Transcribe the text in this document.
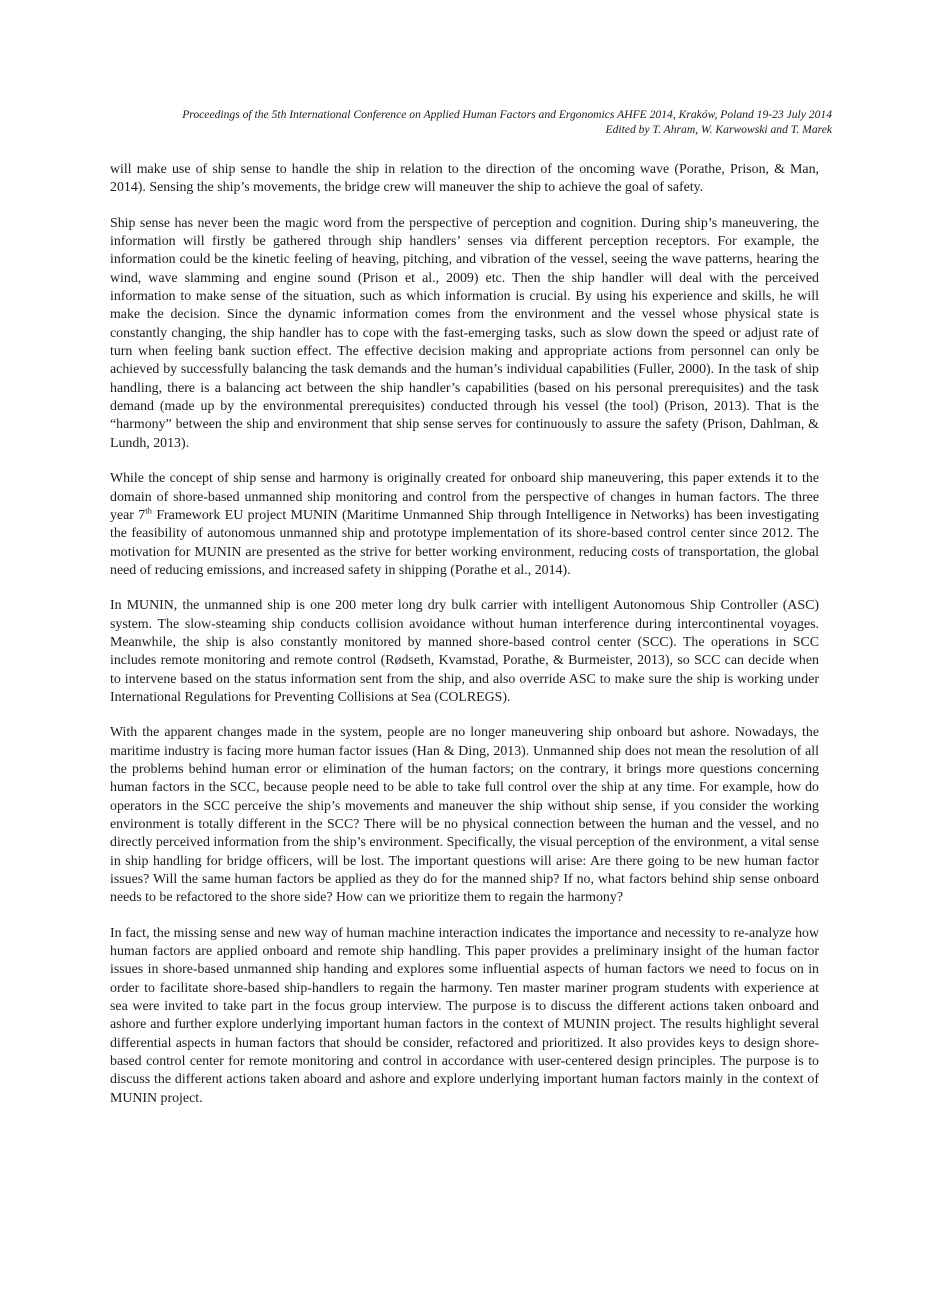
Proceedings of the 5th International Conference on Applied Human Factors and Ergonomics AHFE 2014, Kraków, Poland 19-23 July 2014
Edited by T. Ahram, W. Karwowski and T. Marek

will make use of ship sense to handle the ship in relation to the direction of the oncoming wave (Porathe, Prison, & Man, 2014). Sensing the ship’s movements, the bridge crew will maneuver the ship to achieve the goal of safety.

Ship sense has never been the magic word from the perspective of perception and cognition. During ship’s maneuvering, the information will firstly be gathered through ship handlers’ senses via different perception receptors. For example, the information could be the kinetic feeling of heaving, pitching, and vibration of the vessel, seeing the wave patterns, hearing the wind, wave slamming and engine sound (Prison et al., 2009) etc. Then the ship handler will deal with the perceived information to make sense of the situation, such as which information is crucial. By using his experience and skills, he will make the decision. Since the dynamic information comes from the environment and the vessel whose physical state is constantly changing, the ship handler has to cope with the fast-emerging tasks, such as slow down the speed or adjust rate of turn when feeling bank suction effect. The effective decision making and appropriate actions from personnel can only be achieved by successfully balancing the task demands and the human’s individual capabilities (Fuller, 2000). In the task of ship handling, there is a balancing act between the ship handler’s capabilities (based on his personal prerequisites) and the task demand (made up by the environmental prerequisites) conducted through his vessel (the tool) (Prison, 2013). That is the “harmony” between the ship and environment that ship sense serves for continuously to assure the safety (Prison, Dahlman, & Lundh, 2013).

While the concept of ship sense and harmony is originally created for onboard ship maneuvering, this paper extends it to the domain of shore-based unmanned ship monitoring and control from the perspective of changes in human factors. The three year 7th Framework EU project MUNIN (Maritime Unmanned Ship through Intelligence in Networks) has been investigating the feasibility of autonomous unmanned ship and prototype implementation of its shore-based control center since 2012. The motivation for MUNIN are presented as the strive for better working environment, reducing costs of transportation, the global need of reducing emissions, and increased safety in shipping (Porathe et al., 2014).

In MUNIN, the unmanned ship is one 200 meter long dry bulk carrier with intelligent Autonomous Ship Controller (ASC) system. The slow-steaming ship conducts collision avoidance without human interference during intercontinental voyages. Meanwhile, the ship is also constantly monitored by manned shore-based control center (SCC). The operations in SCC includes remote monitoring and remote control (Rødseth, Kvamstad, Porathe, & Burmeister, 2013), so SCC can decide when to intervene based on the status information sent from the ship, and also override ASC to make sure the ship is working under International Regulations for Preventing Collisions at Sea (COLREGS).

With the apparent changes made in the system, people are no longer maneuvering ship onboard but ashore. Nowadays, the maritime industry is facing more human factor issues (Han & Ding, 2013). Unmanned ship does not mean the resolution of all the problems behind human error or elimination of the human factors; on the contrary, it brings more questions concerning human factors in the SCC, because people need to be able to take full control over the ship at any time. For example, how do operators in the SCC perceive the ship’s movements and maneuver the ship without ship sense, if you consider the working environment is totally different in the SCC? There will be no physical connection between the human and the vessel, and no directly perceived information from the ship’s environment. Specifically, the visual perception of the environment, a vital sense in ship handling for bridge officers, will be lost. The important questions will arise: Are there going to be new human factor issues? Will the same human factors be applied as they do for the manned ship? If no, what factors behind ship sense onboard needs to be refactored to the shore side? How can we prioritize them to regain the harmony?

In fact, the missing sense and new way of human machine interaction indicates the importance and necessity to re-analyze how human factors are applied onboard and remote ship handling. This paper provides a preliminary insight of the human factor issues in shore-based unmanned ship handing and explores some influential aspects of human factors we need to focus on in order to facilitate shore-based ship-handlers to regain the harmony. Ten master mariner program students with experience at sea were invited to take part in the focus group interview. The purpose is to discuss the different actions taken onboard and ashore and further explore underlying important human factors in the context of MUNIN project. The results highlight several differential aspects in human factors that should be consider, refactored and prioritized. It also provides keys to design shore-based control center for remote monitoring and control in accordance with user-centered design principles. The purpose is to discuss the different actions taken aboard and ashore and explore underlying important human factors mainly in the context of MUNIN project.
